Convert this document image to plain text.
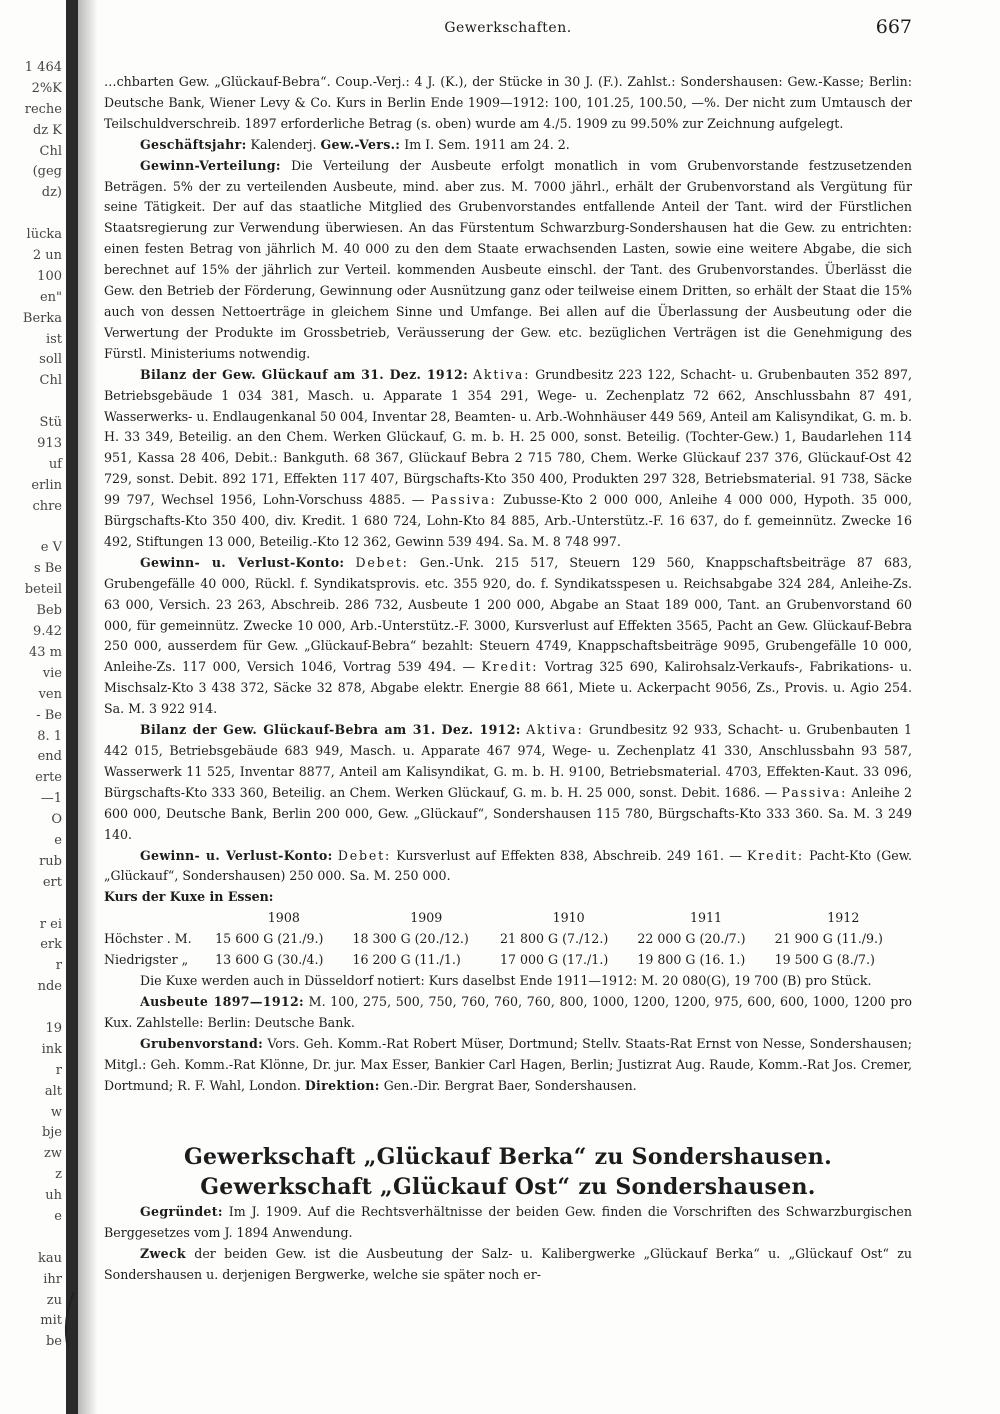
1 464
2%K
reche
dz K
Chl
(geg
dz)
lücka
2 un
100
en"
Berka
ist
soll
Chl
Stü
913
uf
erlin
chre
e V
s Be
beteil
Beb
9.42
43 m
vie
ven
- Be
8. 1
end
erte
—1
O
e
rub
ert
r ei
erk
r
nde
19
ink
r
alt
w
bje
zw
z
uh
e
kau
ihr
zu
mit
be
Gewerkschaften.	667

…chbarten Gew. „Glückauf-Bebra“. Coup.-Verj.: 4 J. (K.), der Stücke in 30 J. (F.). Zahlst.: Sondershausen: Gew.-Kasse; Berlin: Deutsche Bank, Wiener Levy & Co. Kurs in Berlin Ende 1909—1912: 100, 101.25, 100.50, —%. Der nicht zum Umtausch der Teilschuldverschreib. 1897 erforderliche Betrag (s. oben) wurde am 4./5. 1909 zu 99.50% zur Zeichnung aufgelegt.

Geschäftsjahr: Kalenderj. Gew.-Vers.: Im I. Sem. 1911 am 24. 2.

Gewinn-Verteilung: Die Verteilung der Ausbeute erfolgt monatlich in vom Grubenvorstande festzusetzenden Beträgen. 5% der zu verteilenden Ausbeute, mind. aber zus. M. 7000 jährl., erhält der Grubenvorstand als Vergütung für seine Tätigkeit. Der auf das staatliche Mitglied des Grubenvorstandes entfallende Anteil der Tant. wird der Fürstlichen Staatsregierung zur Verwendung überwiesen. An das Fürstentum Schwarzburg-Sondershausen hat die Gew. zu entrichten: einen festen Betrag von jährlich M. 40 000 zu den dem Staate erwachsenden Lasten, sowie eine weitere Abgabe, die sich berechnet auf 15% der jährlich zur Verteil. kommenden Ausbeute einschl. der Tant. des Grubenvorstandes. Überlässt die Gew. den Betrieb der Förderung, Gewinnung oder Ausnützung ganz oder teilweise einem Dritten, so erhält der Staat die 15% auch von dessen Nettoerträge in gleichem Sinne und Umfange. Bei allen auf die Überlassung der Ausbeutung oder die Verwertung der Produkte im Grossbetrieb, Veräusserung der Gew. etc. bezüglichen Verträgen ist die Genehmigung des Fürstl. Ministeriums notwendig.

Bilanz der Gew. Glückauf am 31. Dez. 1912: Aktiva: Grundbesitz 223 122, Schacht- u. Grubenbauten 352 897, Betriebsgebäude 1 034 381, Masch. u. Apparate 1 354 291, Wege- u. Zechenplatz 72 662, Anschlussbahn 87 491, Wasserwerks- u. Endlaugenkanal 50 004, Inventar 28, Beamten- u. Arb.-Wohnhäuser 449 569, Anteil am Kalisyndikat, G. m. b. H. 33 349, Beteilig. an den Chem. Werken Glückauf, G. m. b. H. 25 000, sonst. Beteilig. (Tochter-Gew.) 1, Baudarlehen 114 951, Kassa 28 406, Debit.: Bankguth. 68 367, Glückauf Bebra 2 715 780, Chem. Werke Glückauf 237 376, Glückauf-Ost 42 729, sonst. Debit. 892 171, Effekten 117 407, Bürgschafts-Kto 350 400, Produkten 297 328, Betriebsmaterial. 91 738, Säcke 99 797, Wechsel 1956, Lohn-Vorschuss 4885. — Passiva: Zubusse-Kto 2 000 000, Anleihe 4 000 000, Hypoth. 35 000, Bürgschafts-Kto 350 400, div. Kredit. 1 680 724, Lohn-Kto 84 885, Arb.-Unterstütz.-F. 16 637, do f. gemeinnütz. Zwecke 16 492, Stiftungen 13 000, Beteilig.-Kto 12 362, Gewinn 539 494. Sa. M. 8 748 997.

Gewinn- u. Verlust-Konto: Debet: Gen.-Unk. 215 517, Steuern 129 560, Knappschaftsbeiträge 87 683, Grubengefälle 40 000, Rückl. f. Syndikatsprovis. etc. 355 920, do. f. Syndikatsspesen u. Reichsabgabe 324 284, Anleihe-Zs. 63 000, Versich. 23 263, Abschreib. 286 732, Ausbeute 1 200 000, Abgabe an Staat 189 000, Tant. an Grubenvorstand 60 000, für gemeinnütz. Zwecke 10 000, Arb.-Unterstütz.-F. 3000, Kursverlust auf Effekten 3565, Pacht an Gew. Glückauf-Bebra 250 000, ausserdem für Gew. „Glückauf-Bebra“ bezahlt: Steuern 4749, Knappschaftsbeiträge 9095, Grubengefälle 10 000, Anleihe-Zs. 117 000, Versich 1046, Vortrag 539 494. — Kredit: Vortrag 325 690, Kalirohsalz-Verkaufs-, Fabrikations- u. Mischsalz-Kto 3 438 372, Säcke 32 878, Abgabe elektr. Energie 88 661, Miete u. Ackerpacht 9056, Zs., Provis. u. Agio 254. Sa. M. 3 922 914.

Bilanz der Gew. Glückauf-Bebra am 31. Dez. 1912: Aktiva: Grundbesitz 92 933, Schacht- u. Grubenbauten 1 442 015, Betriebsgebäude 683 949, Masch. u. Apparate 467 974, Wege- u. Zechenplatz 41 330, Anschlussbahn 93 587, Wasserwerk 11 525, Inventar 8877, Anteil am Kalisyndikat, G. m. b. H. 9100, Betriebsmaterial. 4703, Effekten-Kaut. 33 096, Bürgschafts-Kto 333 360, Beteilig. an Chem. Werken Glückauf, G. m. b. H. 25 000, sonst. Debit. 1686. — Passiva: Anleihe 2 600 000, Deutsche Bank, Berlin 200 000, Gew. „Glückauf“, Sondershausen 115 780, Bürgschafts-Kto 333 360. Sa. M. 3 249 140.

Gewinn- u. Verlust-Konto: Debet: Kursverlust auf Effekten 838, Abschreib. 249 161. — Kredit: Pacht-Kto (Gew. „Glückauf“, Sondershausen) 250 000. Sa. M. 250 000.

Kurs der Kuxe in Essen:

	1908	1909	1910	1911	1912
Höchster . M.	15 600 G (21./9.)	18 300 G (20./12.)	21 800 G (7./12.)	22 000 G (20./7.)	21 900 G (11./9.)
Niedrigster „	13 600 G (30./4.)	16 200 G (11./1.)	17 000 G (17./1.)	19 800 G (16. 1.)	19 500 G (8./7.)

Die Kuxe werden auch in Düsseldorf notiert: Kurs daselbst Ende 1911—1912: M. 20 080(G), 19 700 (B) pro Stück.

Ausbeute 1897—1912: M. 100, 275, 500, 750, 760, 760, 760, 800, 1000, 1200, 1200, 975, 600, 600, 1000, 1200 pro Kux. Zahlstelle: Berlin: Deutsche Bank.

Grubenvorstand: Vors. Geh. Komm.-Rat Robert Müser, Dortmund; Stellv. Staats-Rat Ernst von Nesse, Sondershausen; Mitgl.: Geh. Komm.-Rat Klönne, Dr. jur. Max Esser, Bankier Carl Hagen, Berlin; Justizrat Aug. Raude, Komm.-Rat Jos. Cremer, Dortmund; R. F. Wahl, London. Direktion: Gen.-Dir. Bergrat Baer, Sondershausen.

Gewerkschaft „Glückauf Berka“ zu Sondershausen.
Gewerkschaft „Glückauf Ost“ zu Sondershausen.

Gegründet: Im J. 1909. Auf die Rechtsverhältnisse der beiden Gew. finden die Vorschriften des Schwarzburgischen Berggesetzes vom J. 1894 Anwendung.

Zweck der beiden Gew. ist die Ausbeutung der Salz- u. Kalibergwerke „Glückauf Berka“ u. „Glückauf Ost“ zu Sondershausen u. derjenigen Bergwerke, welche sie später noch er-
